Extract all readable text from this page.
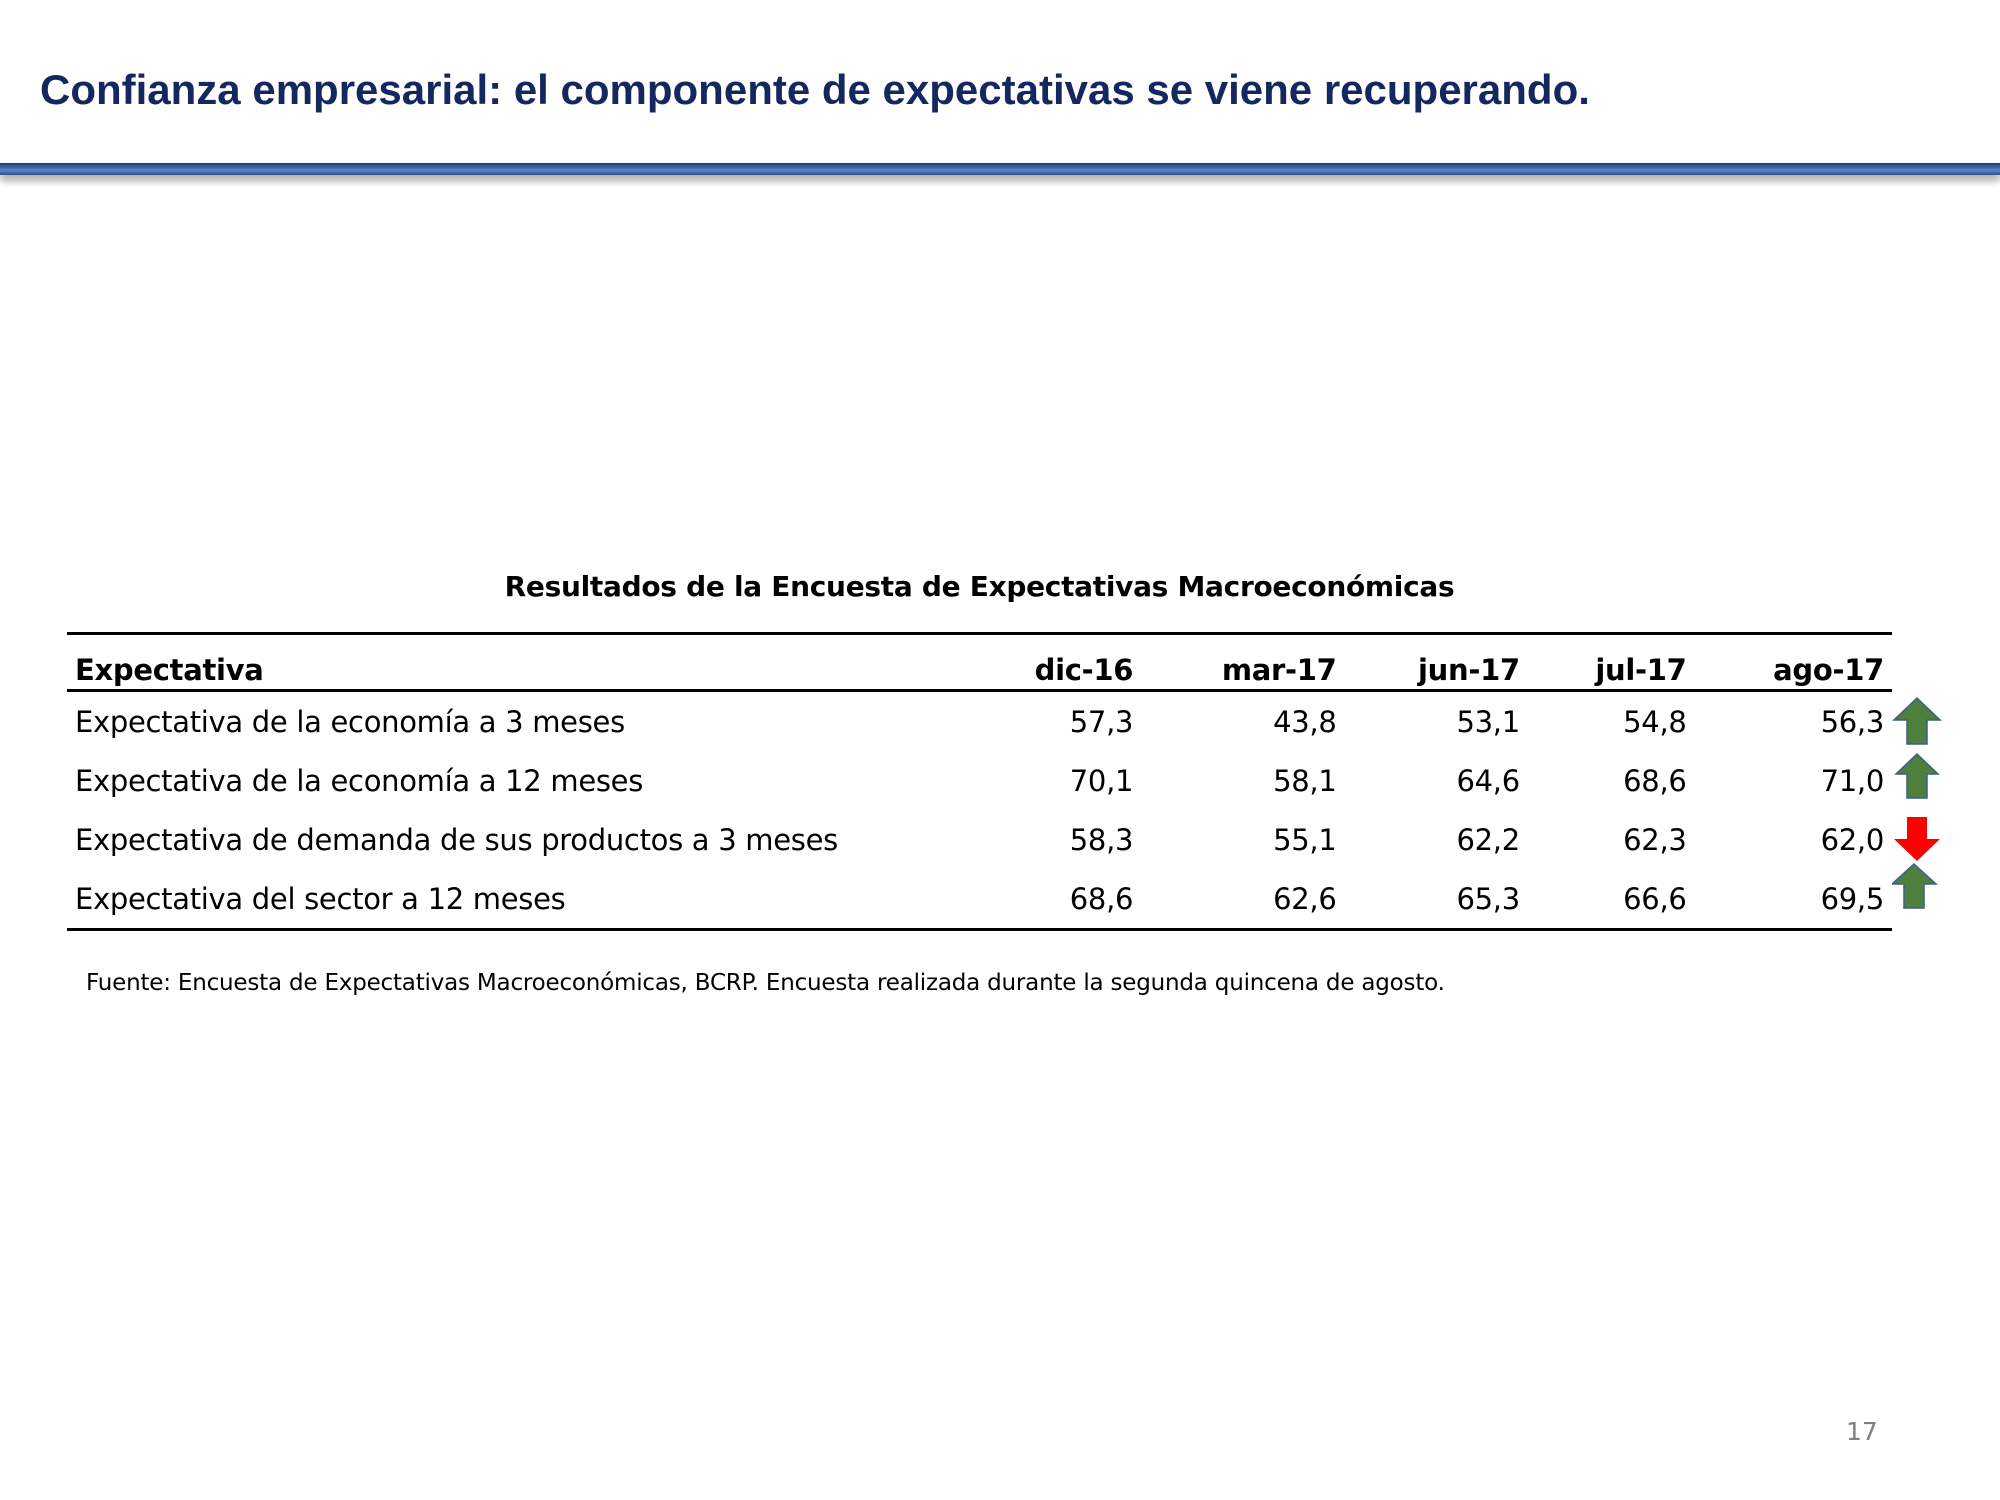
Confianza empresarial: el componente de expectativas se viene recuperando.
Resultados de la Encuesta de Expectativas Macroeconómicas
Expectativa	dic-16	mar-17	jun-17	jul-17	ago-17
Expectativa de la economía a 3 meses	57,3	43,8	53,1	54,8	56,3
Expectativa de la economía a 12 meses	70,1	58,1	64,6	68,6	71,0
Expectativa de demanda de sus productos a 3 meses	58,3	55,1	62,2	62,3	62,0
Expectativa del sector a 12 meses	68,6	62,6	65,3	66,6	69,5
Fuente: Encuesta de Expectativas Macroeconómicas, BCRP. Encuesta realizada durante la segunda quincena de agosto.
17
